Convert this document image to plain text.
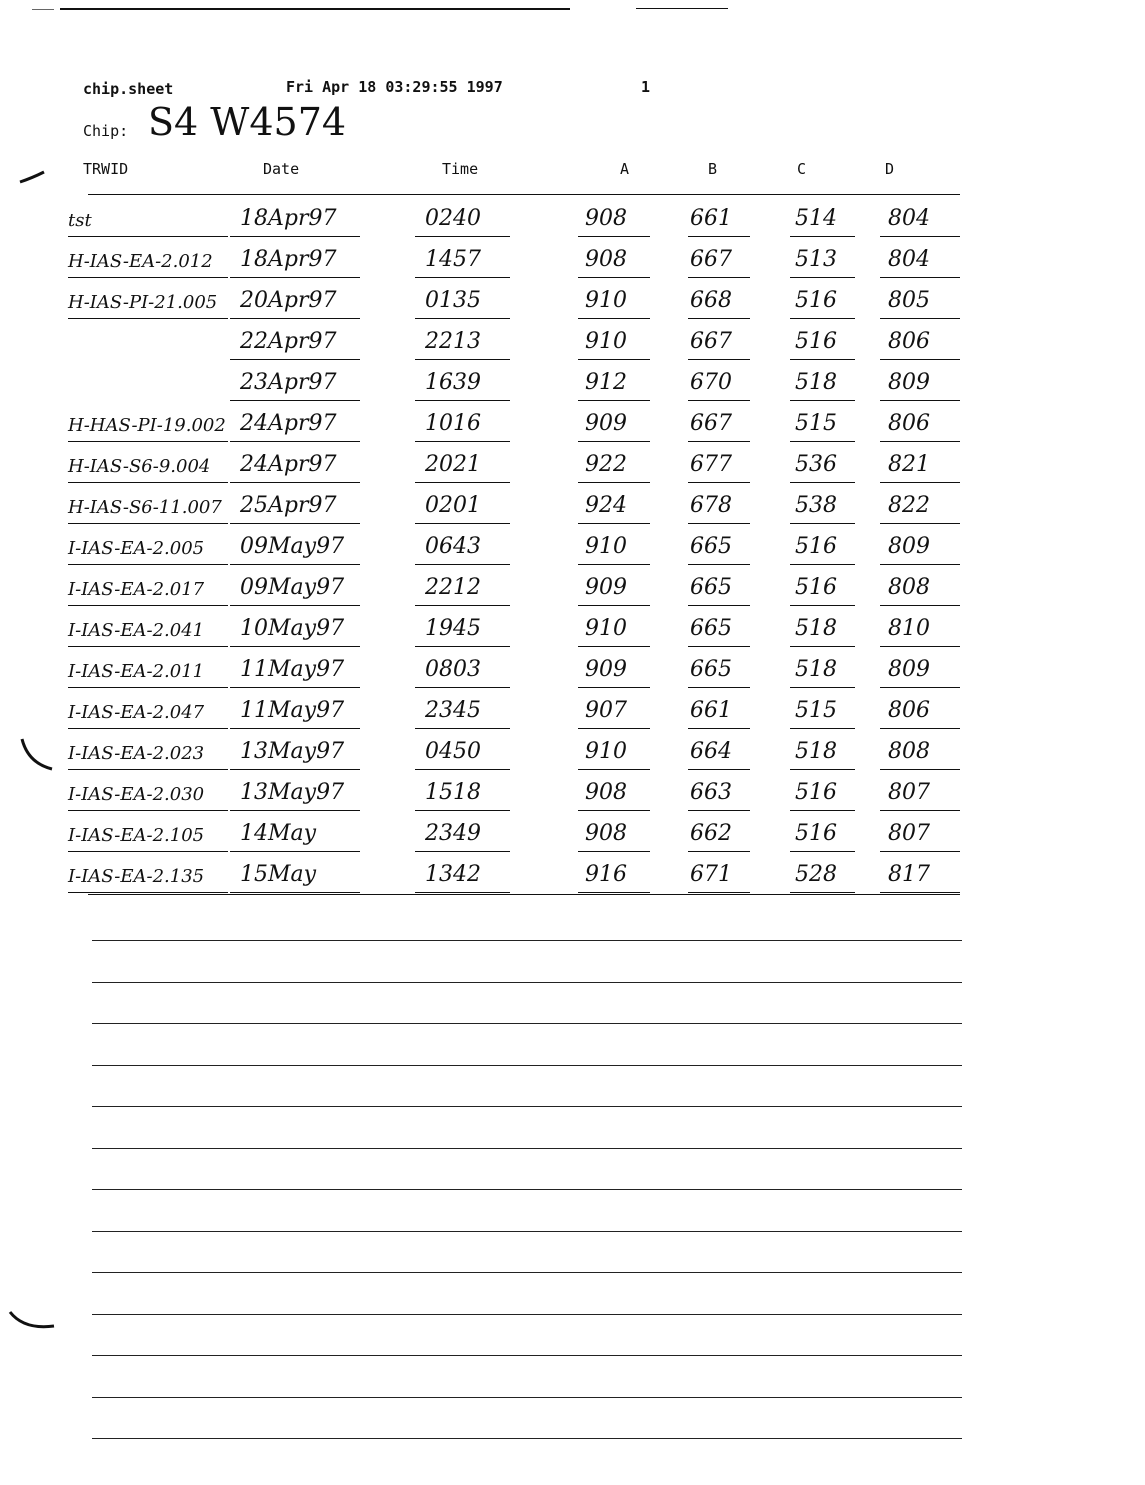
chip.sheet	Fri Apr 18 03:29:55 1997	1
Chip: S4 W4574
TRWID	Date	Time	A	B	C	D
tst	18Apr97	0240	908	661	514 804
H-IAS-EA-2.012 18Apr97	1457	908	667	513 804
H-IAS-PI-21.005 20Apr97	0135	910	668	516 805
22Apr97	2213	910	667	516 806
23Apr97	1639	912	670	518 809
H-HAS-PI-19.002 24Apr97	1016	909	667	515 806
H-IAS-S6-9.004 24Apr97	2021	922	677	536 821
H-IAS-S6-11.007 25Apr97	0201	924	678	538 822
I-IAS-EA-2.005 09May97	0643	910	665	516 809
I-IAS-EA-2.017 09May97	2212	909	665	516 808
I-IAS-EA-2.041 10May97	1945	910	665	518 810
I-IAS-EA-2.011 11May97	0803	909	665	518 809
I-IAS-EA-2.047 11May97	2345	907	661	515 806
I-IAS-EA-2.023 13May97	0450	910	664	518 808
I-IAS-EA-2.030 13May97	1518	908	663	516 807
I-IAS-EA-2.105 14May	2349	908	662	516 807
I-IAS-EA-2.135 15May	1342	916	671	528 817
